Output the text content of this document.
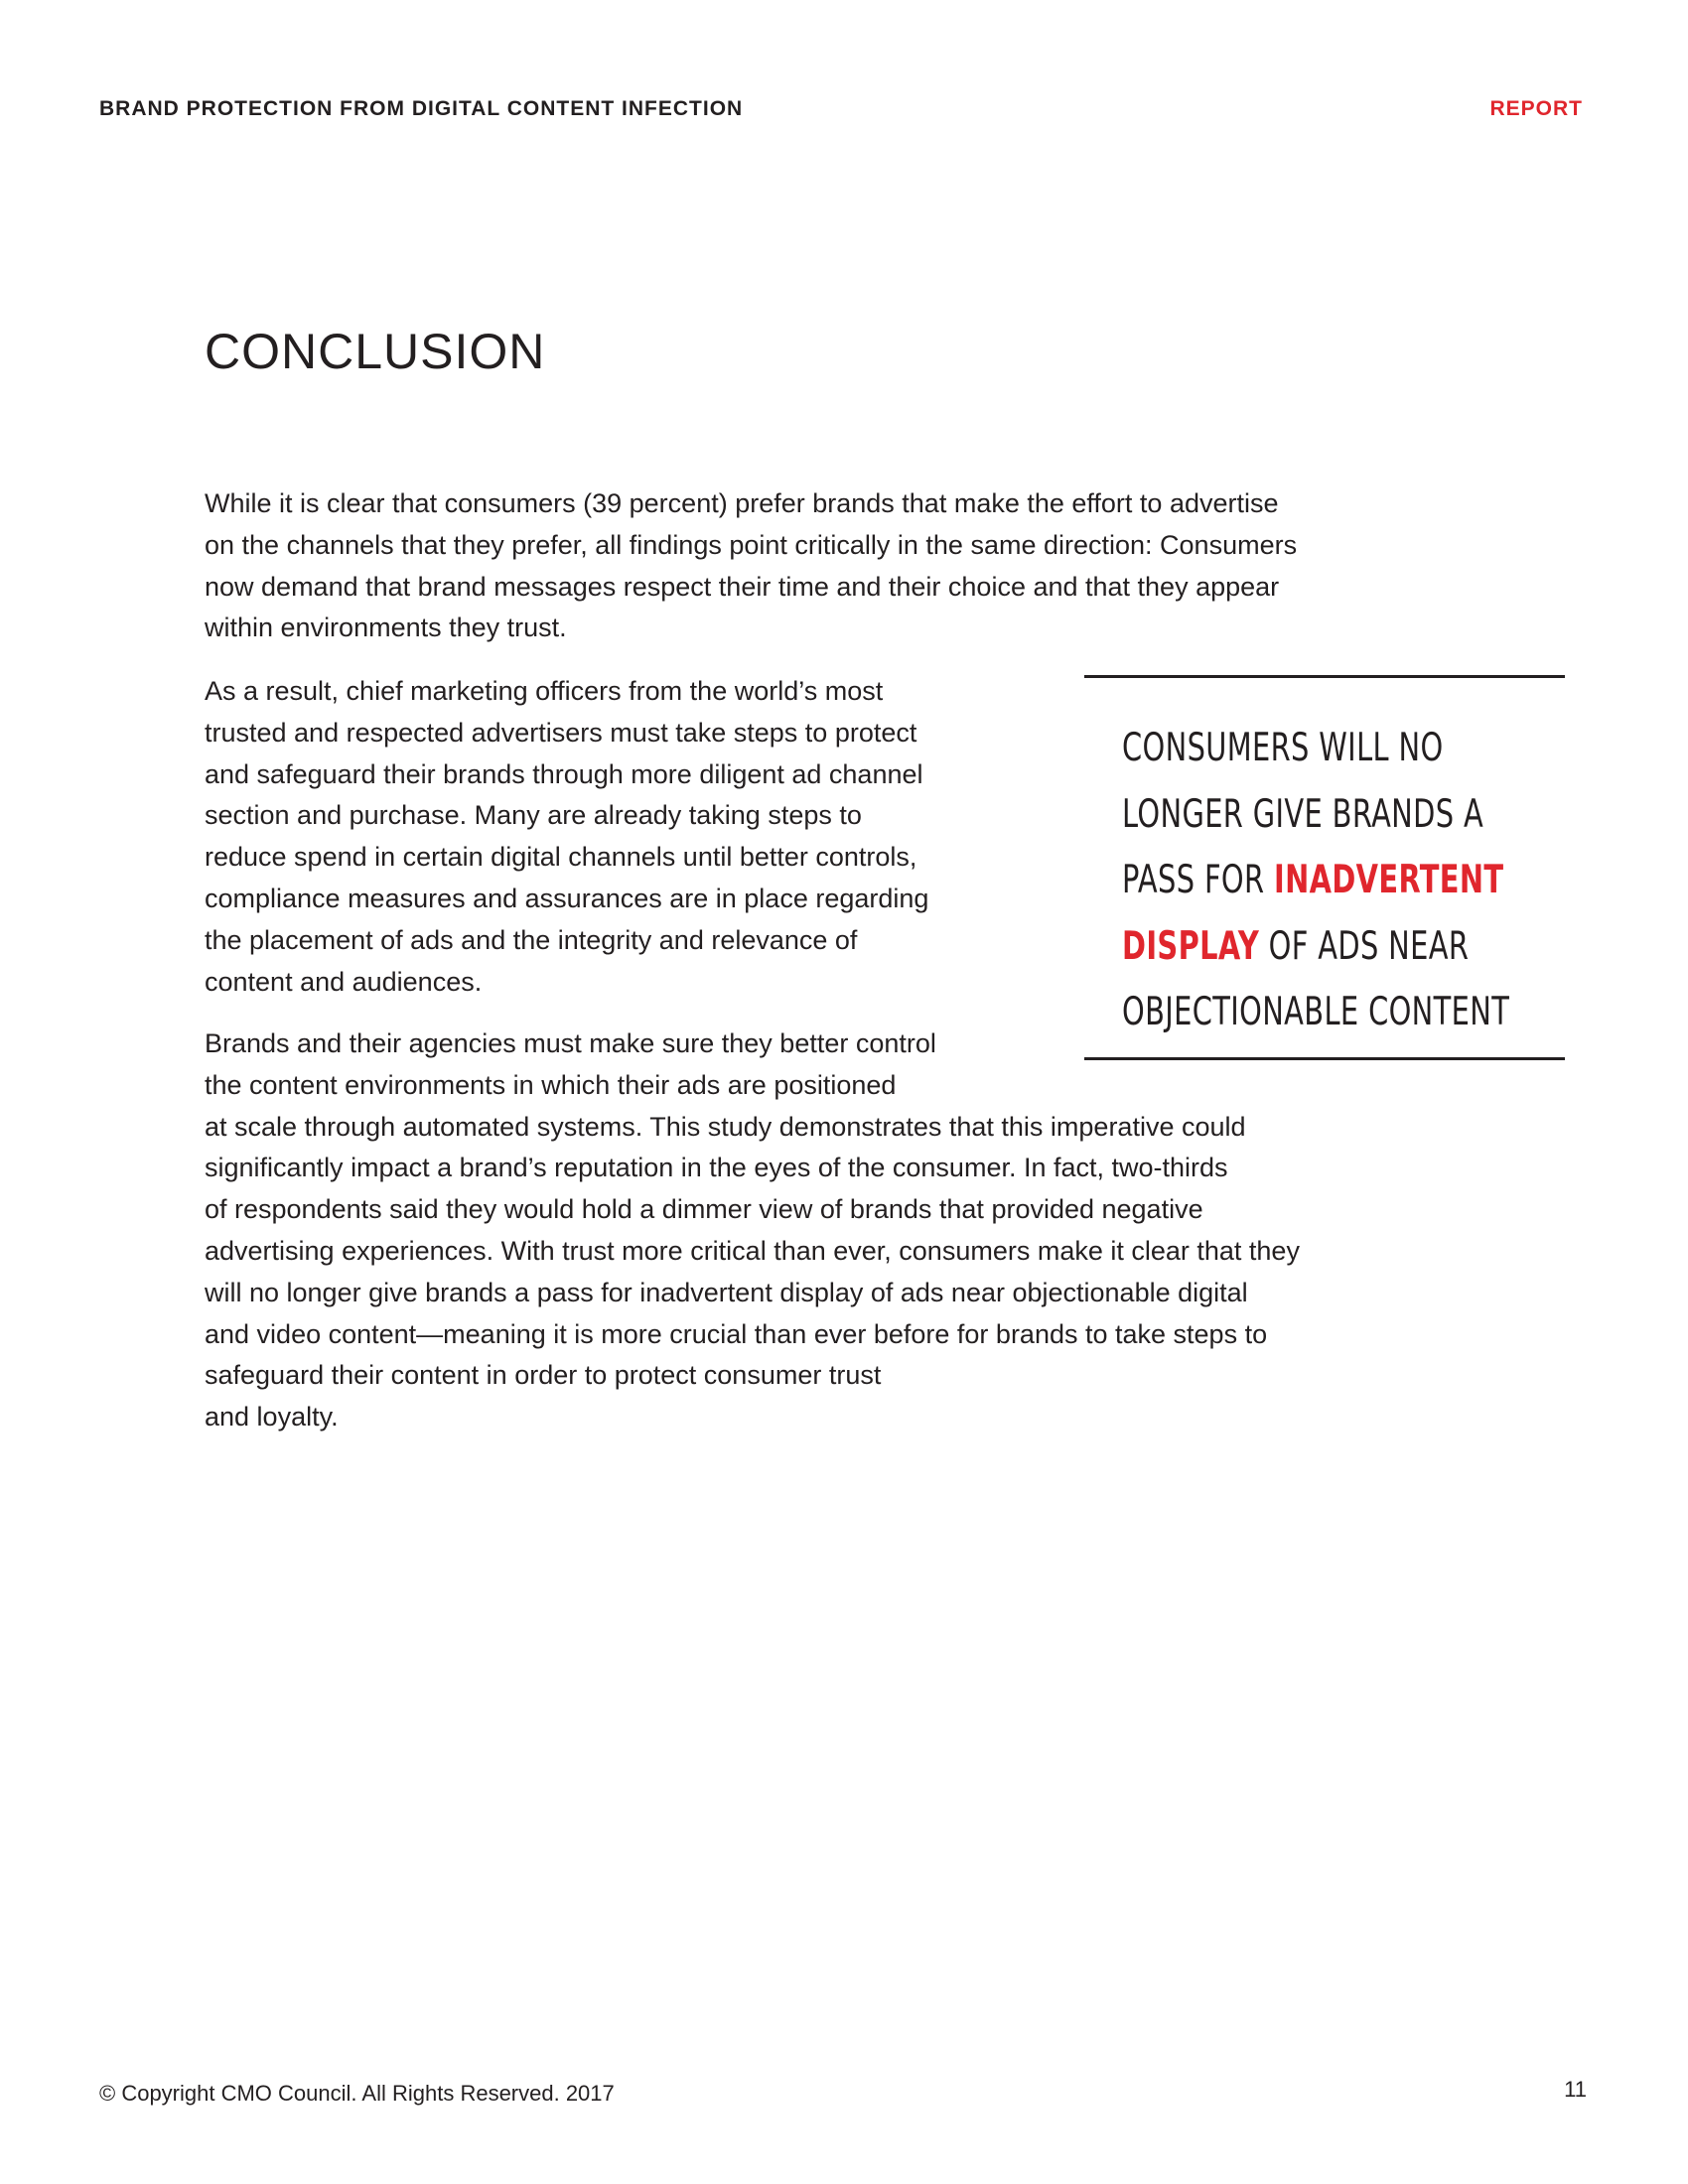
BRAND PROTECTION FROM DIGITAL CONTENT INFECTION	REPORT
CONCLUSION

While it is clear that consumers (39 percent) prefer brands that make the effort to advertise
on the channels that they prefer, all findings point critically in the same direction: Consumers
now demand that brand messages respect their time and their choice and that they appear
within environments they trust.

As a result, chief marketing officers from the world’s most
trusted and respected advertisers must take steps to protect
and safeguard their brands through more diligent ad channel
section and purchase. Many are already taking steps to
reduce spend in certain digital channels until better controls,
compliance measures and assurances are in place regarding
the placement of ads and the integrity and relevance of
content and audiences.

CONSUMERS WILL NO
LONGER GIVE BRANDS A
PASS FOR INADVERTENT
DISPLAY OF ADS NEAR
OBJECTIONABLE CONTENT

Brands and their agencies must make sure they better control
the content environments in which their ads are positioned
at scale through automated systems. This study demonstrates that this imperative could
significantly impact a brand’s reputation in the eyes of the consumer. In fact, two-thirds
of respondents said they would hold a dimmer view of brands that provided negative
advertising experiences. With trust more critical than ever, consumers make it clear that they
will no longer give brands a pass for inadvertent display of ads near objectionable digital
and video content—meaning it is more crucial than ever before for brands to take steps to
safeguard their content in order to protect consumer trust
and loyalty.

© Copyright CMO Council. All Rights Reserved. 2017	11
